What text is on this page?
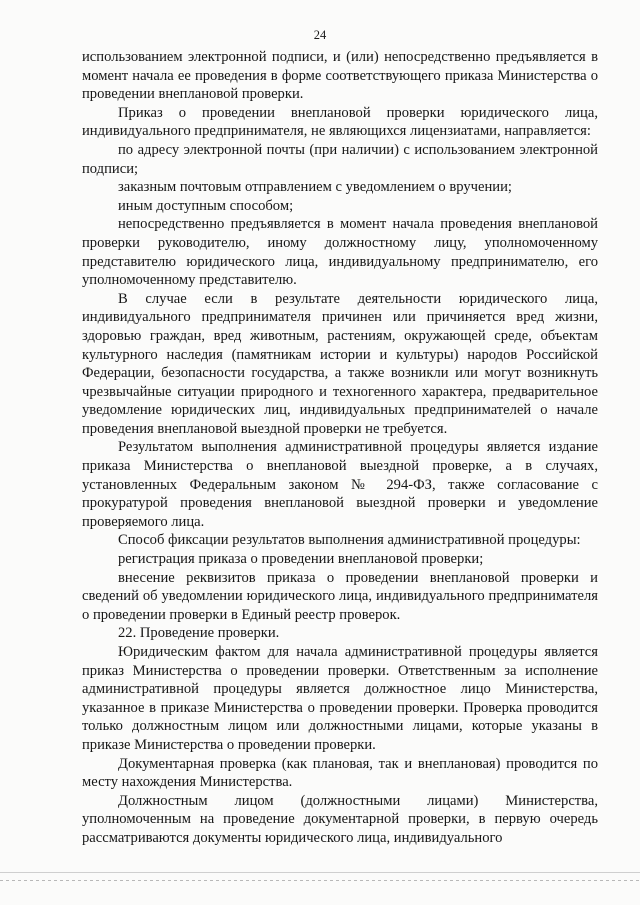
24

использованием электронной подписи, и (или) непосредственно предъявляется в момент начала ее проведения в форме соответствующего приказа Министерства о проведении внеплановой проверки.

Приказ о проведении внеплановой проверки юридического лица, индивидуального предпринимателя, не являющихся лицензиатами, направляется:

по адресу электронной почты (при наличии) с использованием электронной подписи;

заказным почтовым отправлением с уведомлением о вручении;

иным доступным способом;

непосредственно предъявляется в момент начала проведения внеплановой проверки руководителю, иному должностному лицу, уполномоченному представителю юридического лица, индивидуальному предпринимателю, его уполномоченному представителю.

В случае если в результате деятельности юридического лица, индивидуального предпринимателя причинен или причиняется вред жизни, здоровью граждан, вред животным, растениям, окружающей среде, объектам культурного наследия (памятникам истории и культуры) народов Российской Федерации, безопасности государства, а также возникли или могут возникнуть чрезвычайные ситуации природного и техногенного характера, предварительное уведомление юридических лиц, индивидуальных предпринимателей о начале проведения внеплановой выездной проверки не требуется.

Результатом выполнения административной процедуры является издание приказа Министерства о внеплановой выездной проверке, а в случаях, установленных Федеральным законом № 294-ФЗ, также согласование с прокуратурой проведения внеплановой выездной проверки и уведомление проверяемого лица.

Способ фиксации результатов выполнения административной процедуры:

регистрация приказа о проведении внеплановой проверки;

внесение реквизитов приказа о проведении внеплановой проверки и сведений об уведомлении юридического лица, индивидуального предпринимателя о проведении проверки в Единый реестр проверок.

22. Проведение проверки.

Юридическим фактом для начала административной процедуры является приказ Министерства о проведении проверки. Ответственным за исполнение административной процедуры является должностное лицо Министерства, указанное в приказе Министерства о проведении проверки. Проверка проводится только должностным лицом или должностными лицами, которые указаны в приказе Министерства о проведении проверки.

Документарная проверка (как плановая, так и внеплановая) проводится по месту нахождения Министерства.

Должностным лицом (должностными лицами) Министерства, уполномоченным на проведение документарной проверки, в первую очередь рассматриваются документы юридического лица, индивидуального
